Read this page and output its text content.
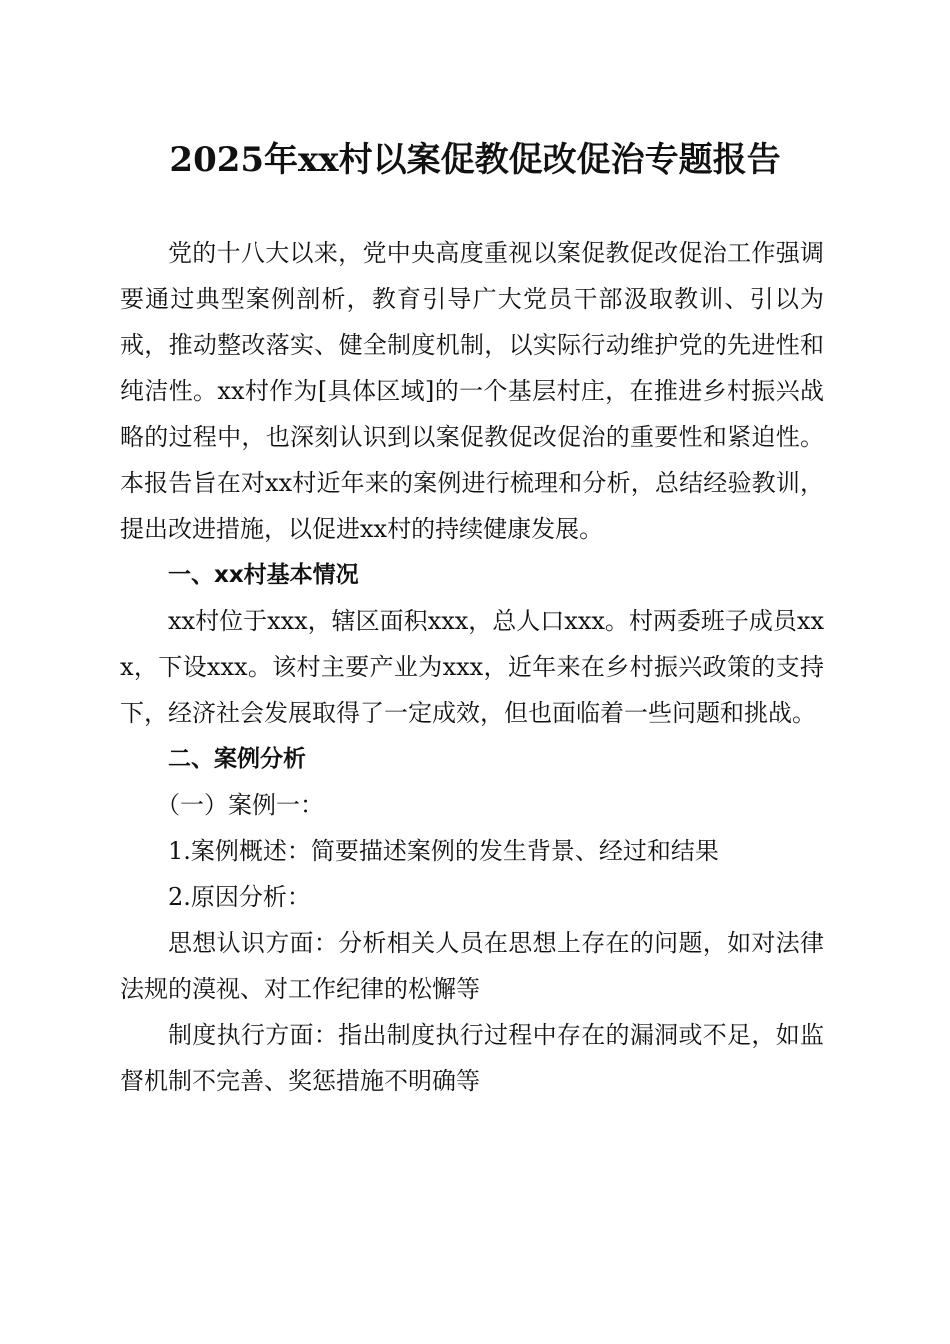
2025年xx村以案促教促改促治专题报告

党的十八大以来，党中央高度重视以案促教促改促治工作强调要通过典型案例剖析，教育引导广大党员干部汲取教训、引以为戒，推动整改落实、健全制度机制，以实际行动维护党的先进性和纯洁性。xx村作为[具体区域]的一个基层村庄，在推进乡村振兴战略的过程中，也深刻认识到以案促教促改促治的重要性和紧迫性。本报告旨在对xx村近年来的案例进行梳理和分析，总结经验教训，提出改进措施，以促进xx村的持续健康发展。

一、xx村基本情况

xx村位于xxx，辖区面积xxx，总人口xxx。村两委班子成员xxx，下设xxx。该村主要产业为xxx，近年来在乡村振兴政策的支持下，经济社会发展取得了一定成效，但也面临着一些问题和挑战。

二、案例分析

（一）案例一：

1.案例概述：简要描述案例的发生背景、经过和结果

2.原因分析：

思想认识方面：分析相关人员在思想上存在的问题，如对法律法规的漠视、对工作纪律的松懈等

制度执行方面：指出制度执行过程中存在的漏洞或不足，如监督机制不完善、奖惩措施不明确等
